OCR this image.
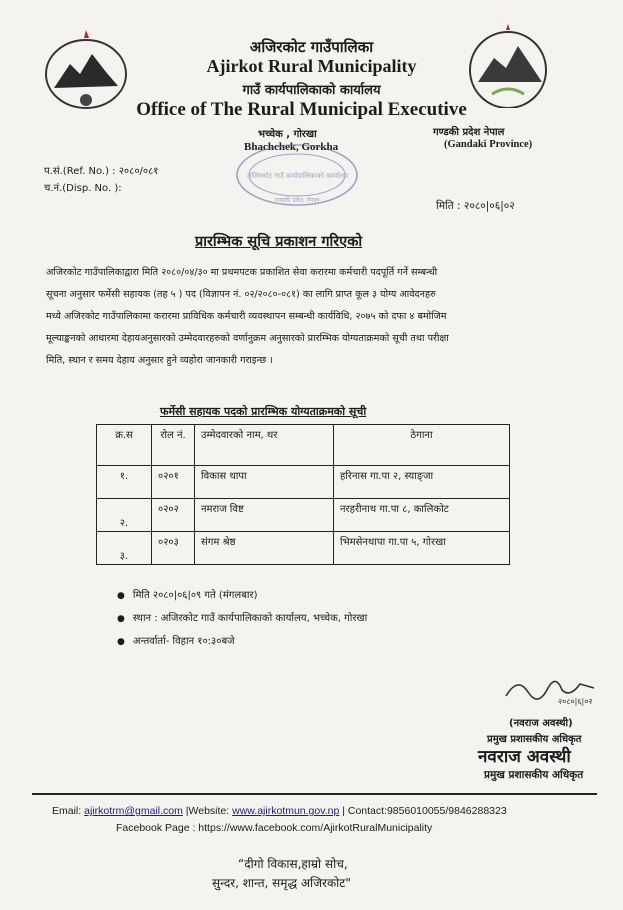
अजिरकोट गाउँपालिका
Ajirkot Rural Municipality
गाउँ कार्यपालिकाको कार्यालय
Office of The Rural Municipal Executive
भच्चेक , गोरखा
Bhachchek, Gorkha
गण्डकी प्रदेश नेपाल
(Gandaki Province)
अजिरकोट गाउँ कार्यपालिकाको कार्यालय
गण्डकी प्रदेश, नेपाल
प.सं.(Ref. No.) : २०८०/०८१
च.नं.(Disp. No. ):
मिति : २०८०|०६|०२
प्रारम्भिक सूचि प्रकाशन गरिएको
अजिरकोट गाउँपालिकाद्वारा मिति २०८०/०४/३० मा प्रथमपटक प्रकाशित सेवा करारमा कर्मचारी पदपूर्ति गर्ने सम्बन्धी
सूचना अनुसार फर्मेसी सहायक (तह ५ ) पद (विज्ञापन नं. ०२/२०८०-०८१) का लागि प्राप्त कूल ३ योग्य आवेदनहरु
मध्ये अजिरकोट गाउँपालिकामा करारमा प्राविधिक कर्मचारी व्यवस्थापन सम्बन्धी कार्यविधि, २०७५ को दफा ४ बमोजिम
मूल्याङ्कनको आधारमा देहायअनुसारको उम्मेदवारहरुको वर्णानुक्रम अनुसारको प्रारम्भिक योग्यताक्रमको सूची तथा परीक्षा
मिति, स्थान र समय देहाय अनुसार हुने व्यहोरा जानकारी गराइन्छ ।
फर्मेसी सहायक पदको प्रारम्भिक योग्यताक्रमको सूची
क्र.स	रोल नं.	उम्मेदवारको नाम, थर	ठेगाना
१.	०२०१	विकास थापा	हरिनास गा.पा २, स्याङ्जा
२.	०२०२	नमराज विष्ट	नरहरीनाथ गा.पा ८, कालिकोट
३.	०२०३	संगम श्रेष्ठ	भिमसेनथापा गा.पा ५, गोरखा
● मिति २०८०|०६|०९ गते (मंगलबार)
● स्थान : अजिरकोट गाउँ कार्यपालिकाको कार्यालय, भच्चेक, गोरखा
● अन्तर्वार्ता- विहान १०:३०बजे
२०८०|६|०२
(नवराज अवस्थी)
प्रमुख प्रशासकीय अधिकृत
नवराज अवस्थी
प्रमुख प्रशासकीय अधिकृत
Email: ajirkotrm@gmail.com |Website: www.ajirkotmun.gov.np | Contact:9856010055/9846288323
Facebook Page : https://www.facebook.com/AjirkotRuralMunicipality
“दीगो विकास,हाम्रो सोच,
सुन्दर, शान्त, समृद्ध अजिरकोट"
